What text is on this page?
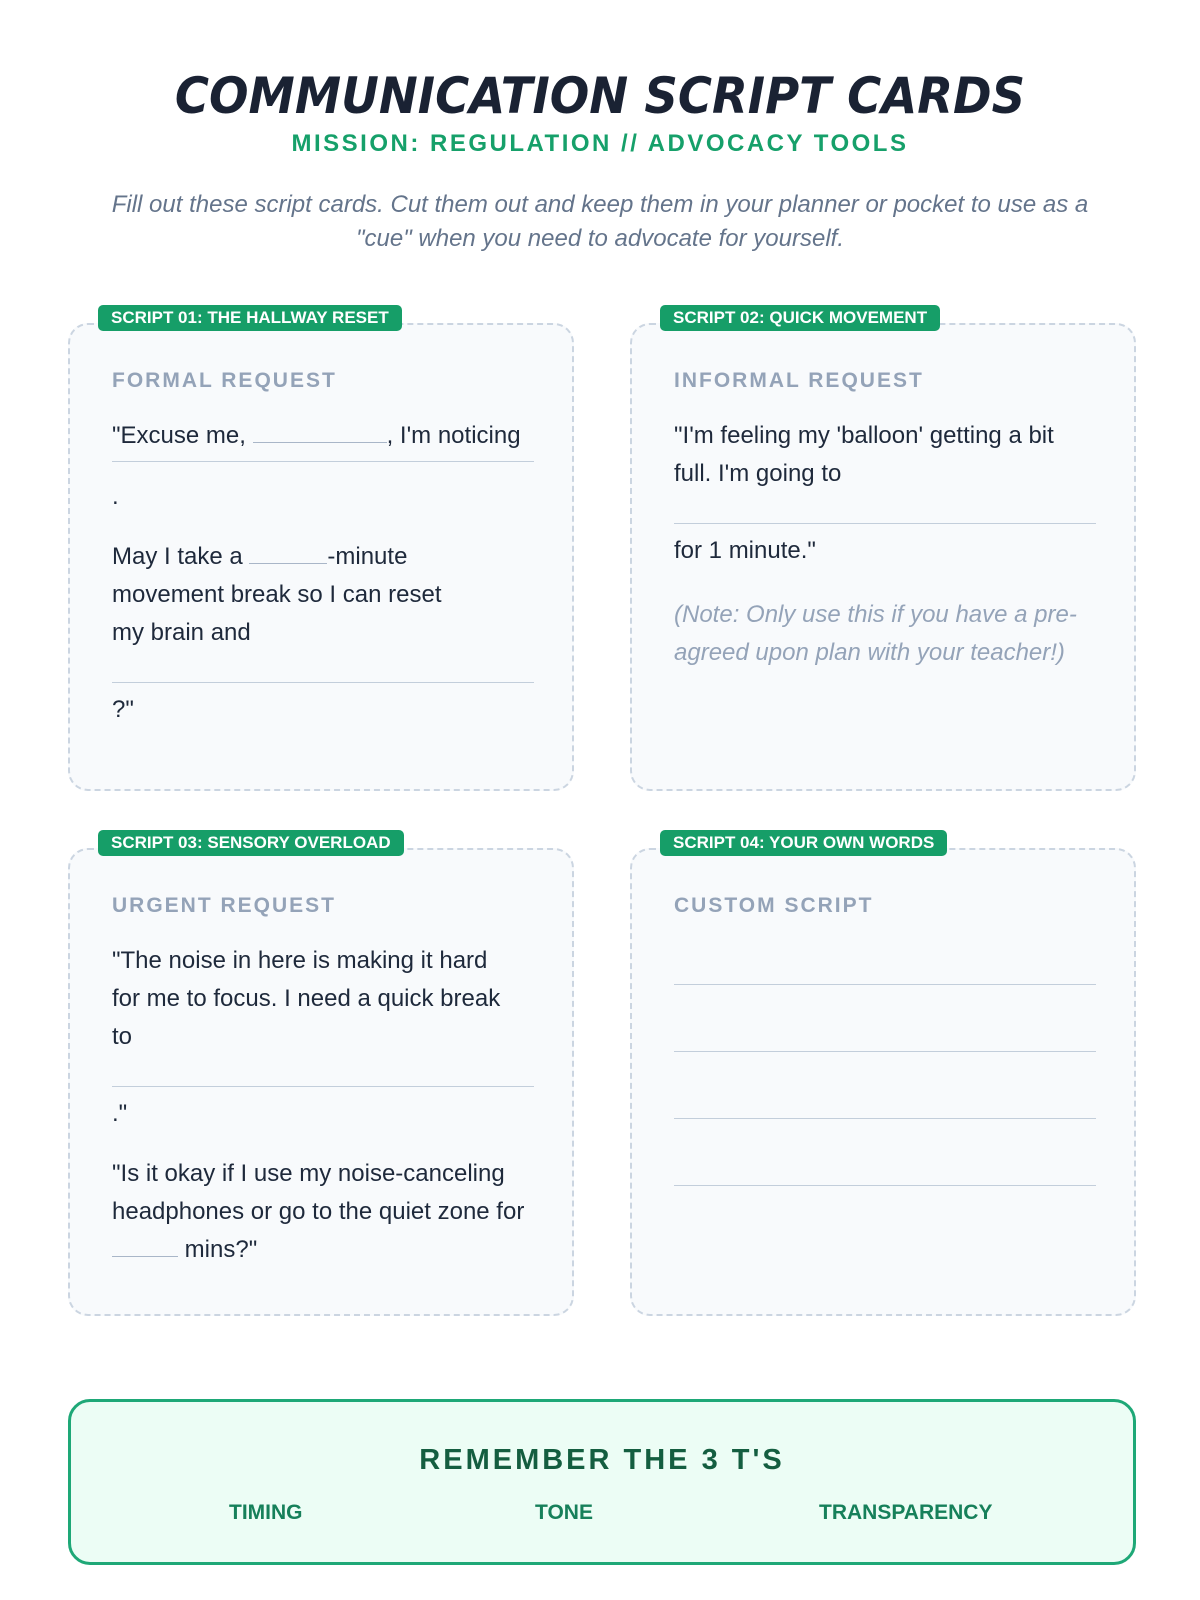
COMMUNICATION SCRIPT CARDS
MISSION: REGULATION // ADVOCACY TOOLS
Fill out these script cards. Cut them out and keep them in your planner or pocket to use as a "cue" when you need to advocate for yourself.
SCRIPT 01: THE HALLWAY RESET
FORMAL REQUEST
"Excuse me,	, I'm noticing
.
May I take a	-minute movement break so I can reset my brain and
?"
SCRIPT 02: QUICK MOVEMENT
INFORMAL REQUEST
"I'm feeling my 'balloon' getting a bit full. I'm going to
for 1 minute."
(Note: Only use this if you have a pre-agreed upon plan with your teacher!)
SCRIPT 03: SENSORY OVERLOAD
URGENT REQUEST
"The noise in here is making it hard for me to focus. I need a quick break to
."
"Is it okay if I use my noise-canceling headphones or go to the quiet zone for  mins?"
SCRIPT 04: YOUR OWN WORDS
CUSTOM SCRIPT
REMEMBER THE 3 T'S
TIMING	TONE	TRANSPARENCY
